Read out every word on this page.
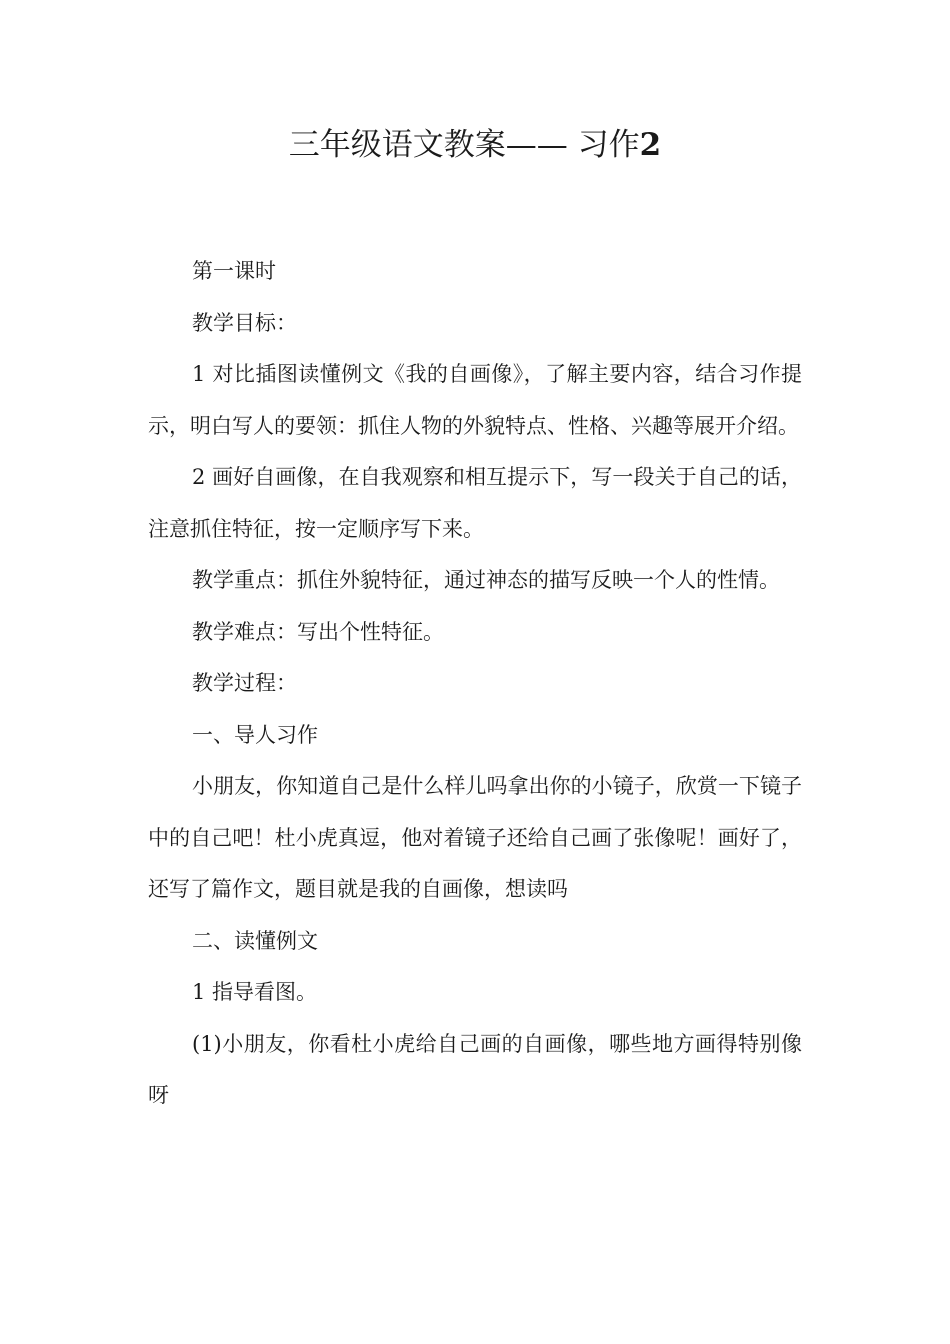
三年级语文教案—— 习作2

第一课时

教学目标：

1 对比插图读懂例文《我的自画像》，了解主要内容，结合习作提示，明白写人的要领：抓住人物的外貌特点、性格、兴趣等展开介绍。

2 画好自画像，在自我观察和相互提示下，写一段关于自己的话，注意抓住特征，按一定顺序写下来。

教学重点：抓住外貌特征，通过神态的描写反映一个人的性情。

教学难点：写出个性特征。

教学过程：

一、导人习作

小朋友，你知道自己是什么样儿吗拿出你的小镜子，欣赏一下镜子中的自己吧！杜小虎真逗，他对着镜子还给自己画了张像呢！画好了，还写了篇作文，题目就是我的自画像，想读吗

二、读懂例文

1 指导看图。

(1)小朋友，你看杜小虎给自己画的自画像，哪些地方画得特别像呀
